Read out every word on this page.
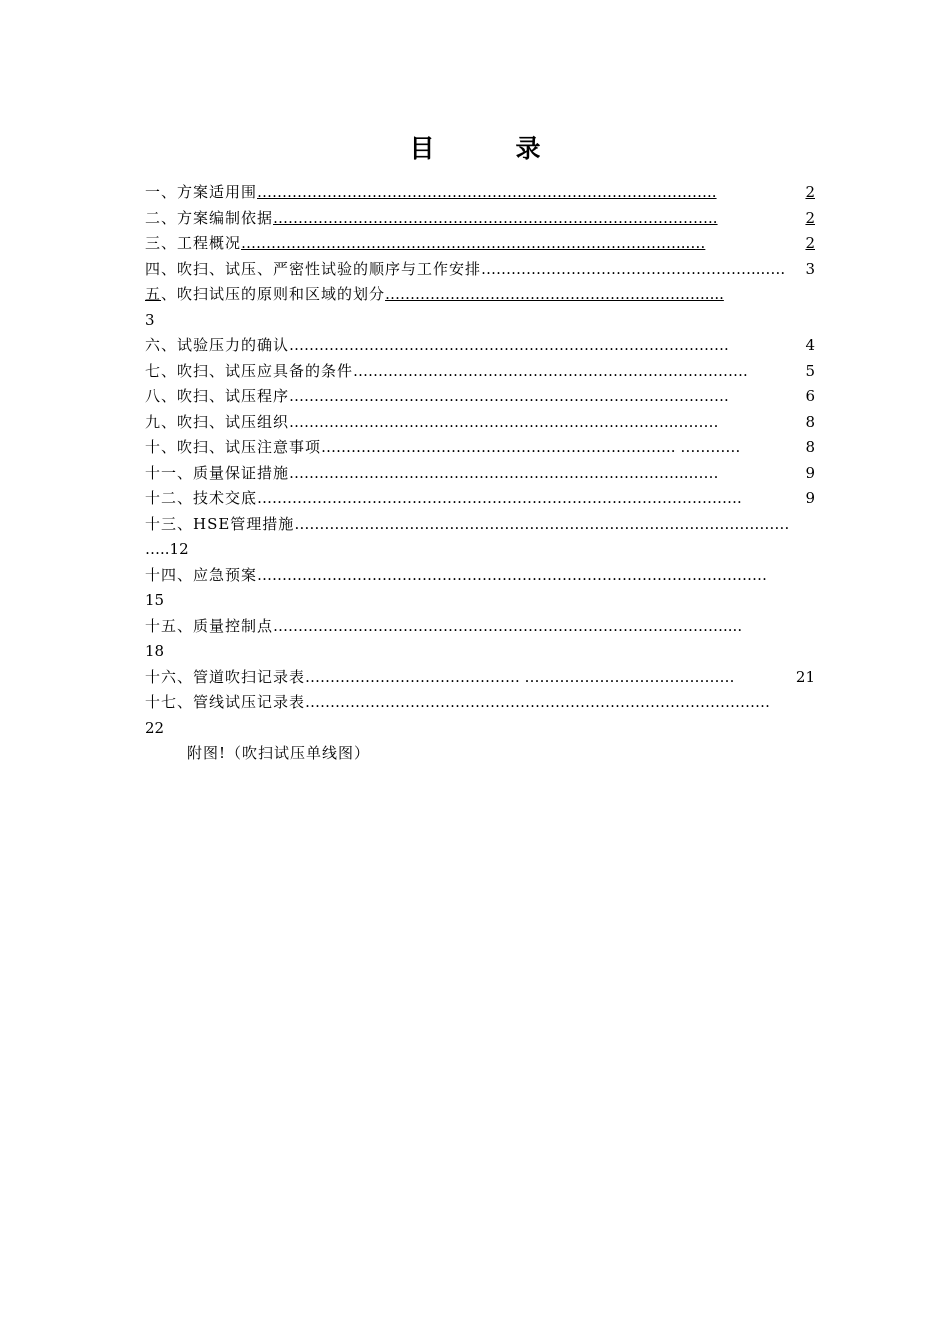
目　录
一、方案适用围 ………………………………………………………………………………..	2
二、方案编制依据 ……………………………………………………………………………..	2
三、工程概况 ……………………………………………………………………………...…	2
四、吹扫、试压、严密性试验的顺序与工作安排 ………………………………………………...….	3
五、吹扫试压的原则和区域的划分 ……………………………………………………….....
3
六、试验压力的确认 …………………………………………………………………………….	4
七、吹扫、试压应具备的条件 …………………………………………………………………….	5
八、吹扫、试压程序 …………………………………………………………………………….	6
九、吹扫、试压组织 …………………………………………………………………..………	8
十、吹扫、试压注意事项 …………………………………………………………….. …………	8
十一、质量保证措施 ……………………………………………………………………..……	9
十二、技术交底 …………………………………………………………………………………….	9
十三、HSE管理措施 ………………………………………………………………………………………
…..12
十四、应急预案 …………………………………………………………………………………………
15
十五、质量控制点 ………………………………………………………………………………....
18
十六、管道吹扫记录表 ……………………………………. ……………………………………	21
十七、管线试压记录表 …………………………………………………………………………………
22
附图!（吹扫试压单线图）
